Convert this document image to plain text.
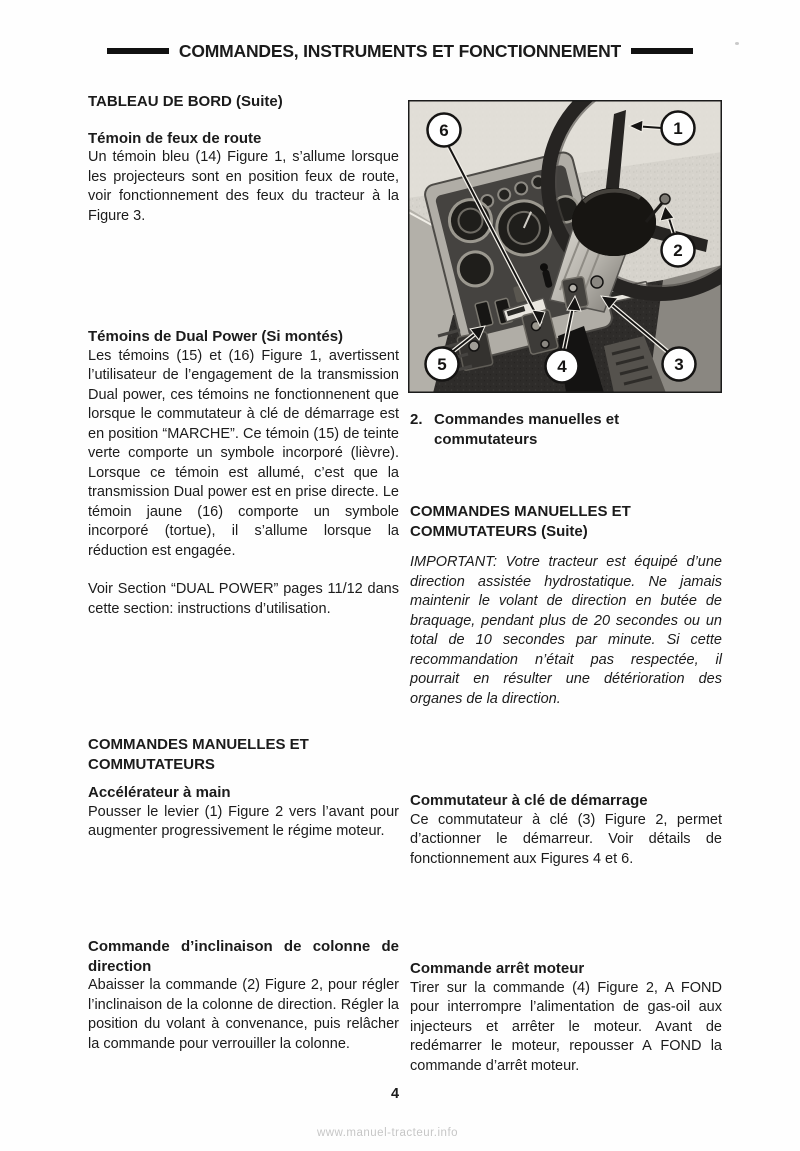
COMMANDES, INSTRUMENTS ET FONCTIONNEMENT

TABLEAU DE BORD (Suite)

Témoin de feux de route

Un témoin bleu (14) Figure 1, s’allume lorsque les projecteurs sont en position feux de route, voir fonctionnement des feux du tracteur à la Figure 3.

Témoins de Dual Power (Si montés)

Les témoins (15) et (16) Figure 1, avertissent l’utilisateur de l’engagement de la transmission Dual power, ces témoins ne fonctionnenent que lorsque le commutateur à clé de démarrage est en position “MARCHE”. Ce témoin (15) de teinte verte comporte un symbole incorporé (lièvre). Lorsque ce témoin est allumé, c’est que la transmission Dual power est en prise directe. Le témoin jaune (16) comporte un symbole incorporé (tortue), il s’allume lorsque la réduction est engagée.

Voir Section “DUAL POWER” pages 11/12 dans cette section: instructions d’utilisation.

COMMANDES MANUELLES ET COMMUTATEURS

Accélérateur à main

Pousser le levier (1) Figure 2 vers l’avant pour augmenter progressivement le régime moteur.

Commande d’inclinaison de colonne de direction

Abaisser la commande (2) Figure 2, pour régler l’inclinaison de la colonne de direction. Régler la position du volant à convenance, puis relâcher la commande pour verrouiller la colonne.

6	1
2
3
4
5
2. Commandes manuelles et commutateurs

COMMANDES MANUELLES ET COMMUTATEURS (Suite)

IMPORTANT: Votre tracteur est équipé d’une direction assistée hydrostatique. Ne jamais maintenir le volant de direction en butée de braquage, pendant plus de 20 secondes ou un total de 10 secondes par minute. Si cette recommandation n’était pas respectée, il pourrait en résulter une détérioration des organes de la direction.

Commutateur à clé de démarrage

Ce commutateur à clé (3) Figure 2, permet d’actionner le démarreur. Voir détails de fonctionnement aux Figures 4 et 6.

Commande arrêt moteur

Tirer sur la commande (4) Figure 2, A FOND pour interrompre l’alimentation de gas-oil aux injecteurs et arrêter le moteur. Avant de redémarrer le moteur, repousser A FOND la commande d’arrêt moteur.

4
www.manuel-tracteur.info
